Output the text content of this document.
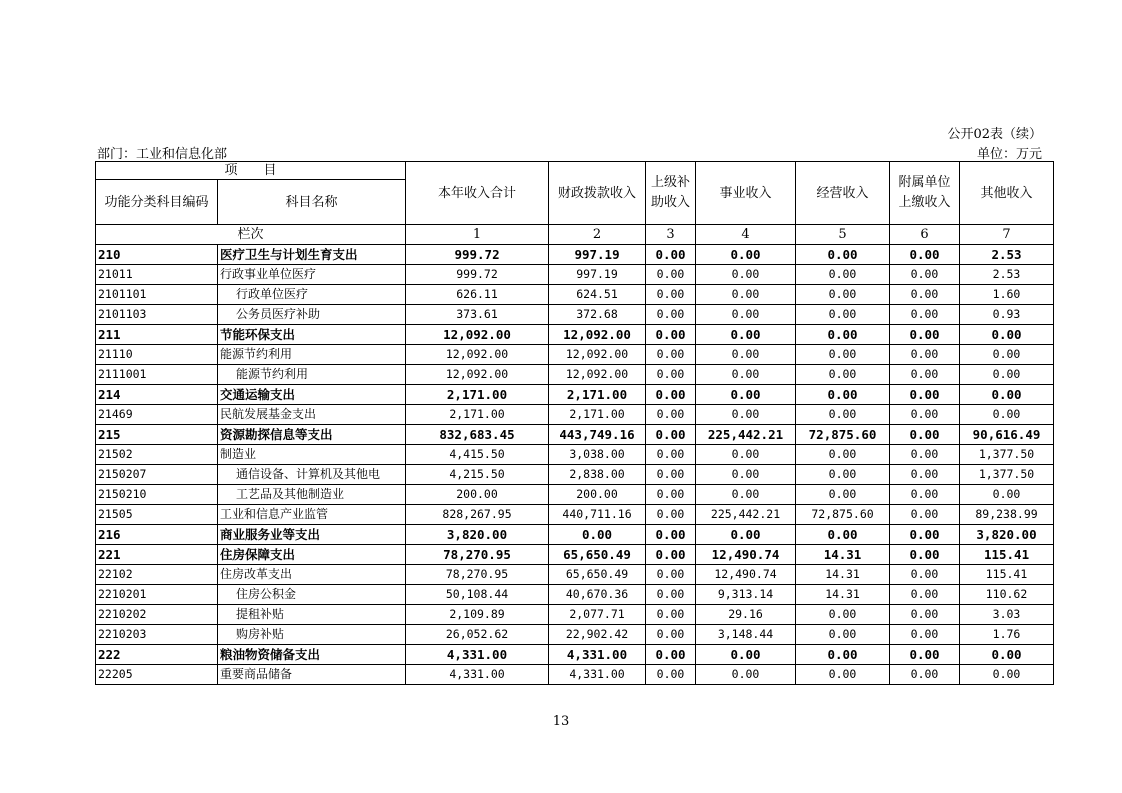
公开02表（续）
部门：工业和信息化部	单位：万元
项　　目		本年收入合计	财政拨款收入	上级补
助收入	事业收入	经营收入	附属单位
上缴收入	其他收入
功能分类科目编码	科目名称							
栏次		1	2	3	4	5	6	7
210	医疗卫生与计划生育支出	999.72	997.19	0.00	0.00	0.00	0.00	2.53
21011	行政事业单位医疗	999.72	997.19	0.00	0.00	0.00	0.00	2.53
2101101	行政单位医疗	626.11	624.51	0.00	0.00	0.00	0.00	1.60
2101103	公务员医疗补助	373.61	372.68	0.00	0.00	0.00	0.00	0.93
211	节能环保支出	12,092.00	12,092.00	0.00	0.00	0.00	0.00	0.00
21110	能源节约利用	12,092.00	12,092.00	0.00	0.00	0.00	0.00	0.00
2111001	能源节约利用	12,092.00	12,092.00	0.00	0.00	0.00	0.00	0.00
214	交通运输支出	2,171.00	2,171.00	0.00	0.00	0.00	0.00	0.00
21469	民航发展基金支出	2,171.00	2,171.00	0.00	0.00	0.00	0.00	0.00
215	资源勘探信息等支出	832,683.45	443,749.16	0.00	225,442.21	72,875.60	0.00	90,616.49
21502	制造业	4,415.50	3,038.00	0.00	0.00	0.00	0.00	1,377.50
2150207	通信设备、计算机及其他电	4,215.50	2,838.00	0.00	0.00	0.00	0.00	1,377.50
2150210	工艺品及其他制造业	200.00	200.00	0.00	0.00	0.00	0.00	0.00
21505	工业和信息产业监管	828,267.95	440,711.16	0.00	225,442.21	72,875.60	0.00	89,238.99
216	商业服务业等支出	3,820.00	0.00	0.00	0.00	0.00	0.00	3,820.00
221	住房保障支出	78,270.95	65,650.49	0.00	12,490.74	14.31	0.00	115.41
22102	住房改革支出	78,270.95	65,650.49	0.00	12,490.74	14.31	0.00	115.41
2210201	住房公积金	50,108.44	40,670.36	0.00	9,313.14	14.31	0.00	110.62
2210202	提租补贴	2,109.89	2,077.71	0.00	29.16	0.00	0.00	3.03
2210203	购房补贴	26,052.62	22,902.42	0.00	3,148.44	0.00	0.00	1.76
222	粮油物资储备支出	4,331.00	4,331.00	0.00	0.00	0.00	0.00	0.00
22205	重要商品储备	4,331.00	4,331.00	0.00	0.00	0.00	0.00	0.00
13
